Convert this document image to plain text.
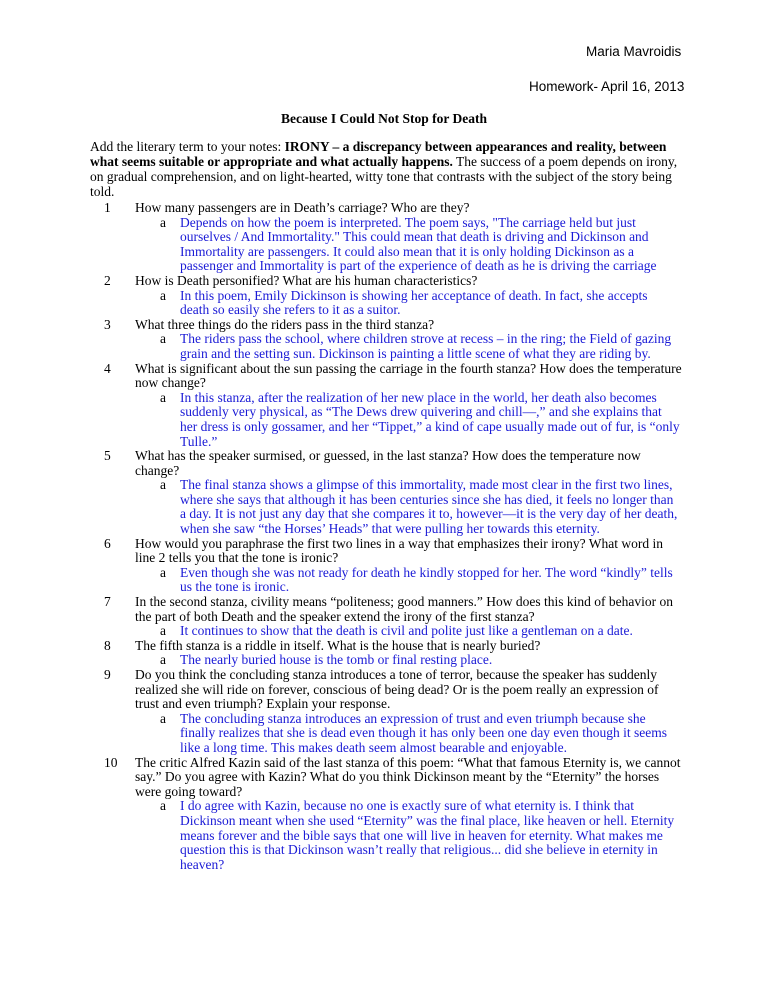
Maria Mavroidis
Homework- April 16, 2013
Because I Could Not Stop for Death
Add the literary term to your notes: IRONY – a discrepancy between appearances and reality, between what seems suitable or appropriate and what actually happens. The success of a poem depends on irony, on gradual comprehension, and on light-hearted, witty tone that contrasts with the subject of the story being told.
1	How many passengers are in Death’s carriage? Who are they?
a Depends on how the poem is interpreted. The poem says, "The carriage held but just ourselves / And Immortality." This could mean that death is driving and Dickinson and Immortality are passengers. It could also mean that it is only holding Dickinson as a passenger and Immortality is part of the experience of death as he is driving the carriage
2	How is Death personified? What are his human characteristics?
a In this poem, Emily Dickinson is showing her acceptance of death. In fact, she accepts death so easily she refers to it as a suitor.
3	What three things do the riders pass in the third stanza?
a The riders pass the school, where children strove at recess – in the ring; the Field of gazing grain and the setting sun. Dickinson is painting a little scene of what they are riding by.
4	What is significant about the sun passing the carriage in the fourth stanza? How does the temperature now change?
a In this stanza, after the realization of her new place in the world, her death also becomes suddenly very physical, as “The Dews drew quivering and chill—,” and she explains that her dress is only gossamer, and her “Tippet,” a kind of cape usually made out of fur, is “only Tulle.”
5	What has the speaker surmised, or guessed, in the last stanza? How does the temperature now change?
a The final stanza shows a glimpse of this immortality, made most clear in the first two lines, where she says that although it has been centuries since she has died, it feels no longer than a day. It is not just any day that she compares it to, however—it is the very day of her death, when she saw “the Horses’ Heads” that were pulling her towards this eternity.
6	How would you paraphrase the first two lines in a way that emphasizes their irony? What word in line 2 tells you that the tone is ironic?
a Even though she was not ready for death he kindly stopped for her. The word “kindly” tells us the tone is ironic.
7	In the second stanza, civility means “politeness; good manners.” How does this kind of behavior on the part of both Death and the speaker extend the irony of the first stanza?
a It continues to show that the death is civil and polite just like a gentleman on a date.
8	The fifth stanza is a riddle in itself. What is the house that is nearly buried?
a The nearly buried house is the tomb or final resting place.
9	Do you think the concluding stanza introduces a tone of terror, because the speaker has suddenly realized she will ride on forever, conscious of being dead? Or is the poem really an expression of trust and even triumph? Explain your response.
a The concluding stanza introduces an expression of trust and even triumph because she finally realizes that she is dead even though it has only been one day even though it seems like a long time. This makes death seem almost bearable and enjoyable.
10	The critic Alfred Kazin said of the last stanza of this poem: “What that famous Eternity is, we cannot say.” Do you agree with Kazin? What do you think Dickinson meant by the “Eternity” the horses were going toward?
a I do agree with Kazin, because no one is exactly sure of what eternity is. I think that Dickinson meant when she used “Eternity” was the final place, like heaven or hell. Eternity means forever and the bible says that one will live in heaven for eternity. What makes me question this is that Dickinson wasn’t really that religious... did she believe in eternity in heaven?
